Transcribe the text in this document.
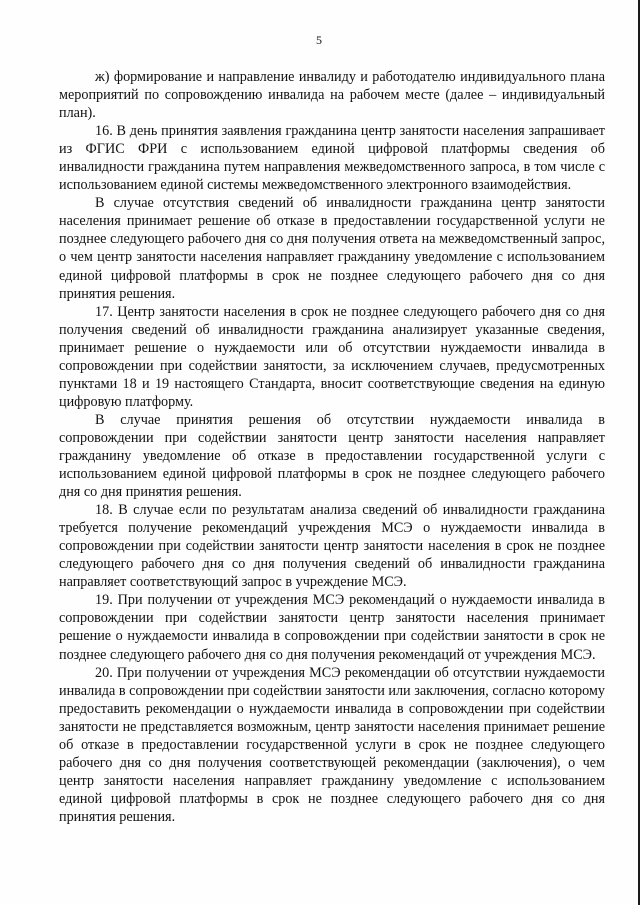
5

ж) формирование и направление инвалиду и работодателю индивидуального плана мероприятий по сопровождению инвалида на рабочем месте (далее – индивидуальный план).

16. В день принятия заявления гражданина центр занятости населения запрашивает из ФГИС ФРИ с использованием единой цифровой платформы сведения об инвалидности гражданина путем направления межведомственного запроса, в том числе с использованием единой системы межведомственного электронного взаимодействия.

В случае отсутствия сведений об инвалидности гражданина центр занятости населения принимает решение об отказе в предоставлении государственной услуги не позднее следующего рабочего дня со дня получения ответа на межведомственный запрос, о чем центр занятости населения направляет гражданину уведомление с использованием единой цифровой платформы в срок не позднее следующего рабочего дня со дня принятия решения.

17. Центр занятости населения в срок не позднее следующего рабочего дня со дня получения сведений об инвалидности гражданина анализирует указанные сведения, принимает решение о нуждаемости или об отсутствии нуждаемости инвалида в сопровождении при содействии занятости, за исключением случаев, предусмотренных пунктами 18 и 19 настоящего Стандарта, вносит соответствующие сведения на единую цифровую платформу.

В случае принятия решения об отсутствии нуждаемости инвалида в сопровождении при содействии занятости центр занятости населения направляет гражданину уведомление об отказе в предоставлении государственной услуги с использованием единой цифровой платформы в срок не позднее следующего рабочего дня со дня принятия решения.

18. В случае если по результатам анализа сведений об инвалидности гражданина требуется получение рекомендаций учреждения МСЭ о нуждаемости инвалида в сопровождении при содействии занятости центр занятости населения в срок не позднее следующего рабочего дня со дня получения сведений об инвалидности гражданина направляет соответствующий запрос в учреждение МСЭ.

19. При получении от учреждения МСЭ рекомендаций о нуждаемости инвалида в сопровождении при содействии занятости центр занятости населения принимает решение о нуждаемости инвалида в сопровождении при содействии занятости в срок не позднее следующего рабочего дня со дня получения рекомендаций от учреждения МСЭ.

20. При получении от учреждения МСЭ рекомендации об отсутствии нуждаемости инвалида в сопровождении при содействии занятости или заключения, согласно которому предоставить рекомендации о нуждаемости инвалида в сопровождении при содействии занятости не представляется возможным, центр занятости населения принимает решение об отказе в предоставлении государственной услуги в срок не позднее следующего рабочего дня со дня получения соответствующей рекомендации (заключения), о чем центр занятости населения направляет гражданину уведомление с использованием единой цифровой платформы в срок не позднее следующего рабочего дня со дня принятия решения.
